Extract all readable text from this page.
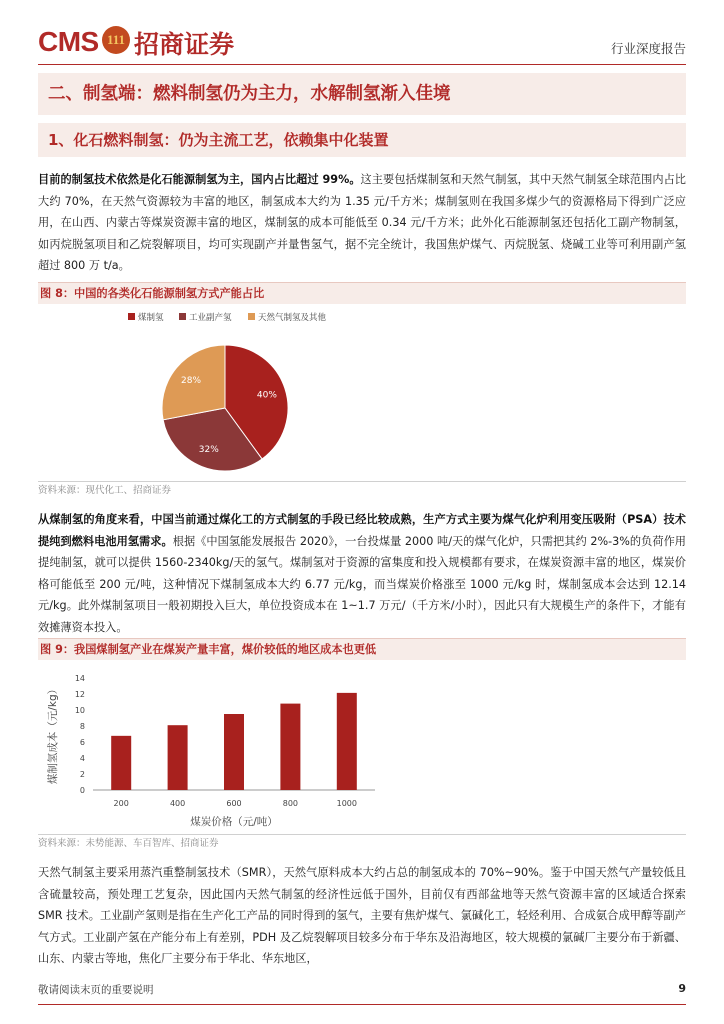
CMS 111 招商证券	行业深度报告
二、制氢端：燃料制氢仍为主力，水解制氢渐入佳境
1、化石燃料制氢：仍为主流工艺，依赖集中化装置
目前的制氢技术依然是化石能源制氢为主，国内占比超过 99%。这主要包括煤制氢和天然气制氢，其中天然气制氢全球范围内占比大约 70%，在天然气资源较为丰富的地区，制氢成本大约为 1.35 元/千方米；煤制氢则在我国多煤少气的资源格局下得到广泛应用，在山西、内蒙古等煤炭资源丰富的地区，煤制氢的成本可能低至 0.34 元/千方米；此外化石能源制氢还包括化工副产物制氢，如丙烷脱氢项目和乙烷裂解项目，均可实现副产并量售氢气，据不完全统计，我国焦炉煤气、丙烷脱氢、烧碱工业等可利用副产氢超过 800 万 t/a。
图 8：中国的各类化石能源制氢方式产能占比
煤制氢	工业副产氢	天然气制氢及其他
40%
32%
28%
资料来源：现代化工、招商证券
从煤制氢的角度来看，中国当前通过煤化工的方式制氢的手段已经比较成熟，生产方式主要为煤气化炉利用变压吸附（PSA）技术提纯到燃料电池用氢需求。根据《中国氢能发展报告 2020》，一台投煤量 2000 吨/天的煤气化炉，只需把其约 2%-3%的负荷作用提纯制氢，就可以提供 1560-2340kg/天的氢气。煤制氢对于资源的富集度和投入规模都有要求，在煤炭资源丰富的地区，煤炭价格可能低至 200 元/吨，这种情况下煤制氢成本大约 6.77 元/kg，而当煤炭价格涨至 1000 元/kg 时，煤制氢成本会达到 12.14 元/kg。此外煤制氢项目一般初期投入巨大，单位投资成本在 1~1.7 万元/（千方米/小时），因此只有大规模生产的条件下，才能有效摊薄资本投入。
图 9：我国煤制氢产业在煤炭产量丰富，煤价较低的地区成本也更低
0
2
4
6
8
10
12
14
200	400	600	800	1000
煤炭价格（元/吨）
煤制氢成本（元/kg）
资料来源：未势能源、车百智库、招商证券
天然气制氢主要采用蒸汽重整制氢技术（SMR），天然气原料成本大约占总的制氢成本的 70%~90%。鉴于中国天然气产量较低且含硫量较高，预处理工艺复杂，因此国内天然气制氢的经济性远低于国外，目前仅有西部盆地等天然气资源丰富的区域适合探索 SMR 技术。工业副产氢则是指在生产化工产品的同时得到的氢气，主要有焦炉煤气、氯碱化工，轻烃利用、合成氨合成甲醇等副产气方式。工业副产氢在产能分布上有差别，PDH 及乙烷裂解项目较多分布于华东及沿海地区，较大规模的氯碱厂主要分布于新疆、山东、内蒙古等地，焦化厂主要分布于华北、华东地区，
敬请阅读末页的重要说明	9
